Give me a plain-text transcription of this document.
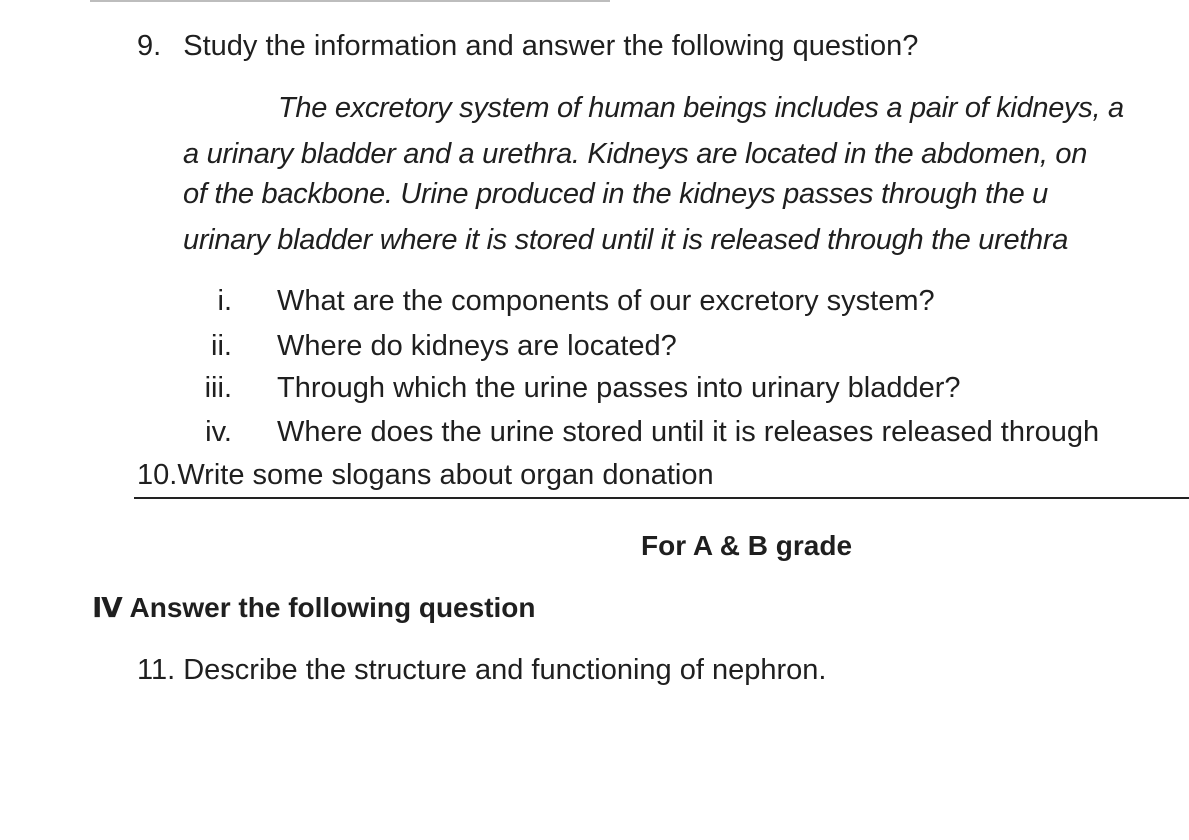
9. Study the information and answer the following question?
The excretory system of human beings includes a pair of kidneys, a
a urinary bladder and a urethra. Kidneys are located in the abdomen, on
of the backbone. Urine produced in the kidneys passes through the u
urinary bladder where it is stored until it is released through the urethra
i. What are the components of our excretory system?
ii. Where do kidneys are located?
iii. Through which the urine passes into urinary bladder?
iv. Where does the urine stored until it is releases released through
10.Write some slogans about organ donation
For A & B grade
Ⅳ Answer the following question
11. Describe the structure and functioning of nephron.
